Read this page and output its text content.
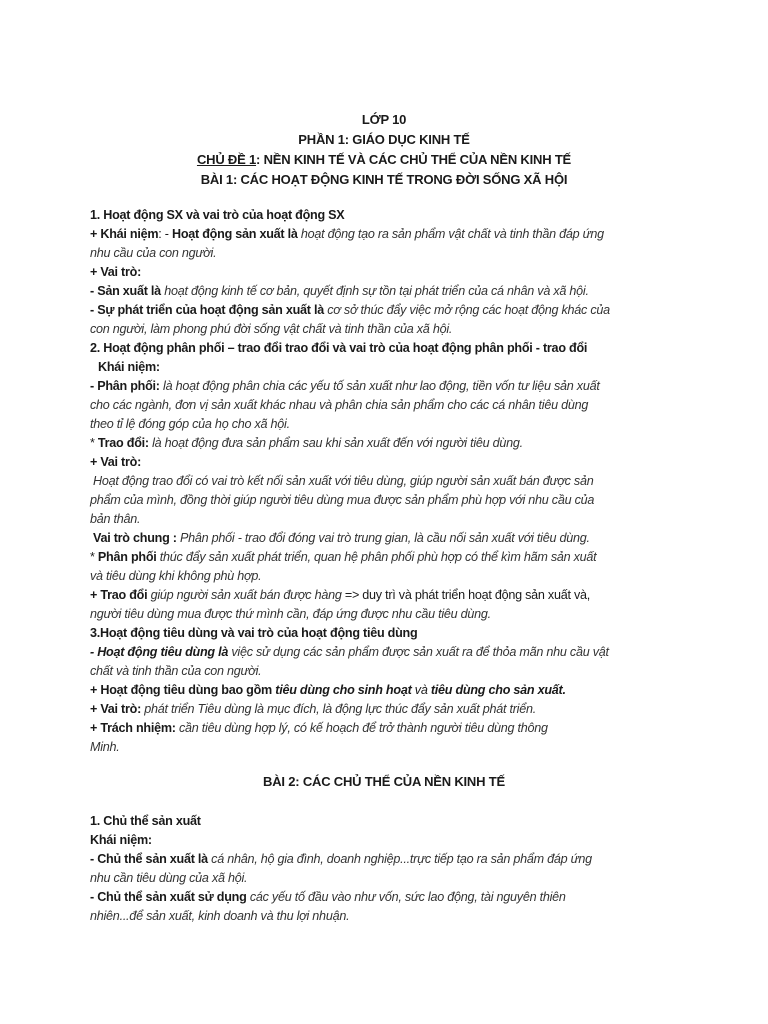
LỚP 10
PHẦN 1: GIÁO DỤC KINH TẾ
CHỦ ĐỀ 1: NỀN KINH TẾ VÀ CÁC CHỦ THỂ CỦA NỀN KINH TẾ
BÀI 1: CÁC HOẠT ĐỘNG KINH TẾ TRONG ĐỜI SỐNG XÃ HỘI

1. Hoạt động SX và vai trò của hoạt động SX

+ Khái niệm: - Hoạt động sản xuất là hoạt động tạo ra sản phẩm vật chất và tinh thần đáp ứng

nhu cầu của con người.

+ Vai trò:

- Sản xuất là hoạt động kinh tế cơ bản, quyết định sự tồn tại phát triển của cá nhân và xã hội.

- Sự phát triển của hoạt động sản xuất là cơ sở thúc đẩy việc mở rộng các hoạt động khác của

con người, làm phong phú đời sống vật chất và tinh thần của xã hội.

2. Hoạt động phân phối – trao đổi trao đổi và vai trò của hoạt động phân phối - trao đổi

Khái niệm:

- Phân phối: là hoạt động phân chia các yếu tố sản xuất như lao động, tiền vốn tư liệu sản xuất

cho các ngành, đơn vị sản xuất khác nhau và phân chia sản phẩm cho các cá nhân tiêu dùng

theo tỉ lệ đóng góp của họ cho xã hội.

* Trao đổi: là hoạt động đưa sản phẩm sau khi sản xuất đến với người tiêu dùng.

+ Vai trò:

Hoạt động trao đổi có vai trò kết nối sản xuất với tiêu dùng, giúp người sản xuất bán được sản

phẩm của mình, đồng thời giúp người tiêu dùng mua được sản phẩm phù hợp với nhu cầu của

bản thân.

Vai trò chung : Phân phối - trao đổi đóng vai trò trung gian, là cầu nối sản xuất với tiêu dùng.

* Phân phối thúc đẩy sản xuất phát triển, quan hệ phân phối phù hợp có thể kìm hãm sản xuất

và tiêu dùng khi không phù hợp.

+ Trao đổi giúp người sản xuất bán được hàng => duy trì và phát triển hoạt động sản xuất và,

người tiêu dùng mua được thứ mình cần, đáp ứng được nhu cầu tiêu dùng.

3.Hoạt động tiêu dùng và vai trò của hoạt động tiêu dùng

- Hoạt động tiêu dùng là việc sử dụng các sản phẩm được sản xuất ra để thỏa mãn nhu cầu vật

chất và tinh thần của con người.

+ Hoạt động tiêu dùng bao gồm tiêu dùng cho sinh hoạt và tiêu dùng cho sản xuất.

+ Vai trò: phát triển Tiêu dùng là mục đích, là động lực thúc đẩy sản xuất phát triển.

+ Trách nhiệm: cần tiêu dùng hợp lý, có kế hoạch để trở thành người tiêu dùng thông

Minh.

BÀI 2: CÁC CHỦ THỂ CỦA NỀN KINH TẾ

1. Chủ thể sản xuất

Khái niệm:

- Chủ thể sản xuất là cá nhân, hộ gia đình, doanh nghiệp...trực tiếp tạo ra sản phẩm đáp ứng

nhu cần tiêu dùng của xã hội.

- Chủ thể sản xuất sử dụng các yếu tố đầu vào như vốn, sức lao động, tài nguyên thiên

nhiên...để sản xuất, kinh doanh và thu lợi nhuận.
